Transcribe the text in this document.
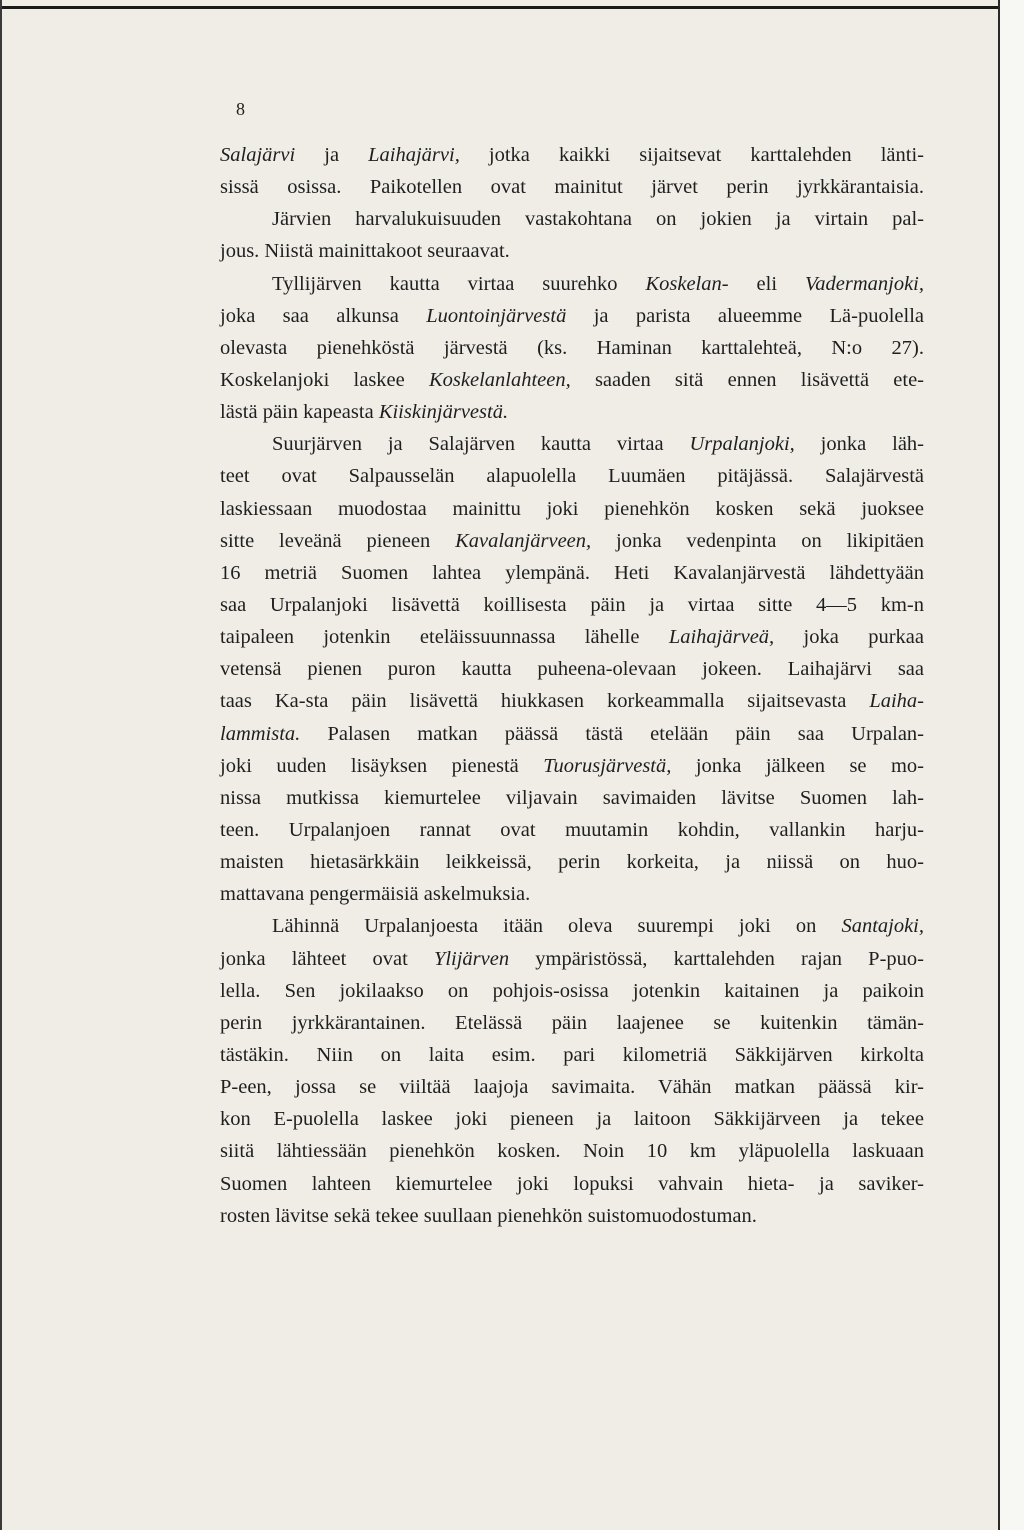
8
Salajärvi ja Laihajärvi, jotka kaikki sijaitsevat karttalehden länti-
sissä osissa. Paikotellen ovat mainitut järvet perin jyrkkärantaisia.
Järvien harvalukuisuuden vastakohtana on jokien ja virtain pal-
jous. Niistä mainittakoot seuraavat.
Tyllijärven kautta virtaa suurehko Koskelan- eli Vadermanjoki,
joka saa alkunsa Luontoinjärvestä ja parista alueemme Lä-puolella
olevasta pienehköstä järvestä (ks. Haminan karttalehteä, N:o 27).
Koskelanjoki laskee Koskelanlahteen, saaden sitä ennen lisävettä ete-
lästä päin kapeasta Kiiskinjärvestä.
Suurjärven ja Salajärven kautta virtaa Urpalanjoki, jonka läh-
teet ovat Salpausselän alapuolella Luumäen pitäjässä. Salajärvestä
laskiessaan muodostaa mainittu joki pienehkön kosken sekä juoksee
sitte leveänä pieneen Kavalanjärveen, jonka vedenpinta on likipitäen
16 metriä Suomen lahtea ylempänä. Heti Kavalanjärvestä lähdettyään
saa Urpalanjoki lisävettä koillisesta päin ja virtaa sitte 4—5 km-n
taipaleen jotenkin eteläissuunnassa lähelle Laihajärveä, joka purkaa
vetensä pienen puron kautta puheena-olevaan jokeen. Laihajärvi saa
taas Ka-sta päin lisävettä hiukkasen korkeammalla sijaitsevasta Laiha-
lammista. Palasen matkan päässä tästä etelään päin saa Urpalan-
joki uuden lisäyksen pienestä Tuorusjärvestä, jonka jälkeen se mo-
nissa mutkissa kiemurtelee viljavain savimaiden lävitse Suomen lah-
teen. Urpalanjoen rannat ovat muutamin kohdin, vallankin harju-
maisten hietasärkkäin leikkeissä, perin korkeita, ja niissä on huo-
mattavana pengermäisiä askelmuksia.
Lähinnä Urpalanjoesta itään oleva suurempi joki on Santajoki,
jonka lähteet ovat Ylijärven ympäristössä, karttalehden rajan P-puo-
lella. Sen jokilaakso on pohjois-osissa jotenkin kaitainen ja paikoin
perin jyrkkärantainen. Etelässä päin laajenee se kuitenkin tämän-
tästäkin. Niin on laita esim. pari kilometriä Säkkijärven kirkolta
P-een, jossa se viiltää laajoja savimaita. Vähän matkan päässä kir-
kon E-puolella laskee joki pieneen ja laitoon Säkkijärveen ja tekee
siitä lähtiessään pienehkön kosken. Noin 10 km yläpuolella laskuaan
Suomen lahteen kiemurtelee joki lopuksi vahvain hieta- ja saviker-
rosten lävitse sekä tekee suullaan pienehkön suistomuodostuman.
